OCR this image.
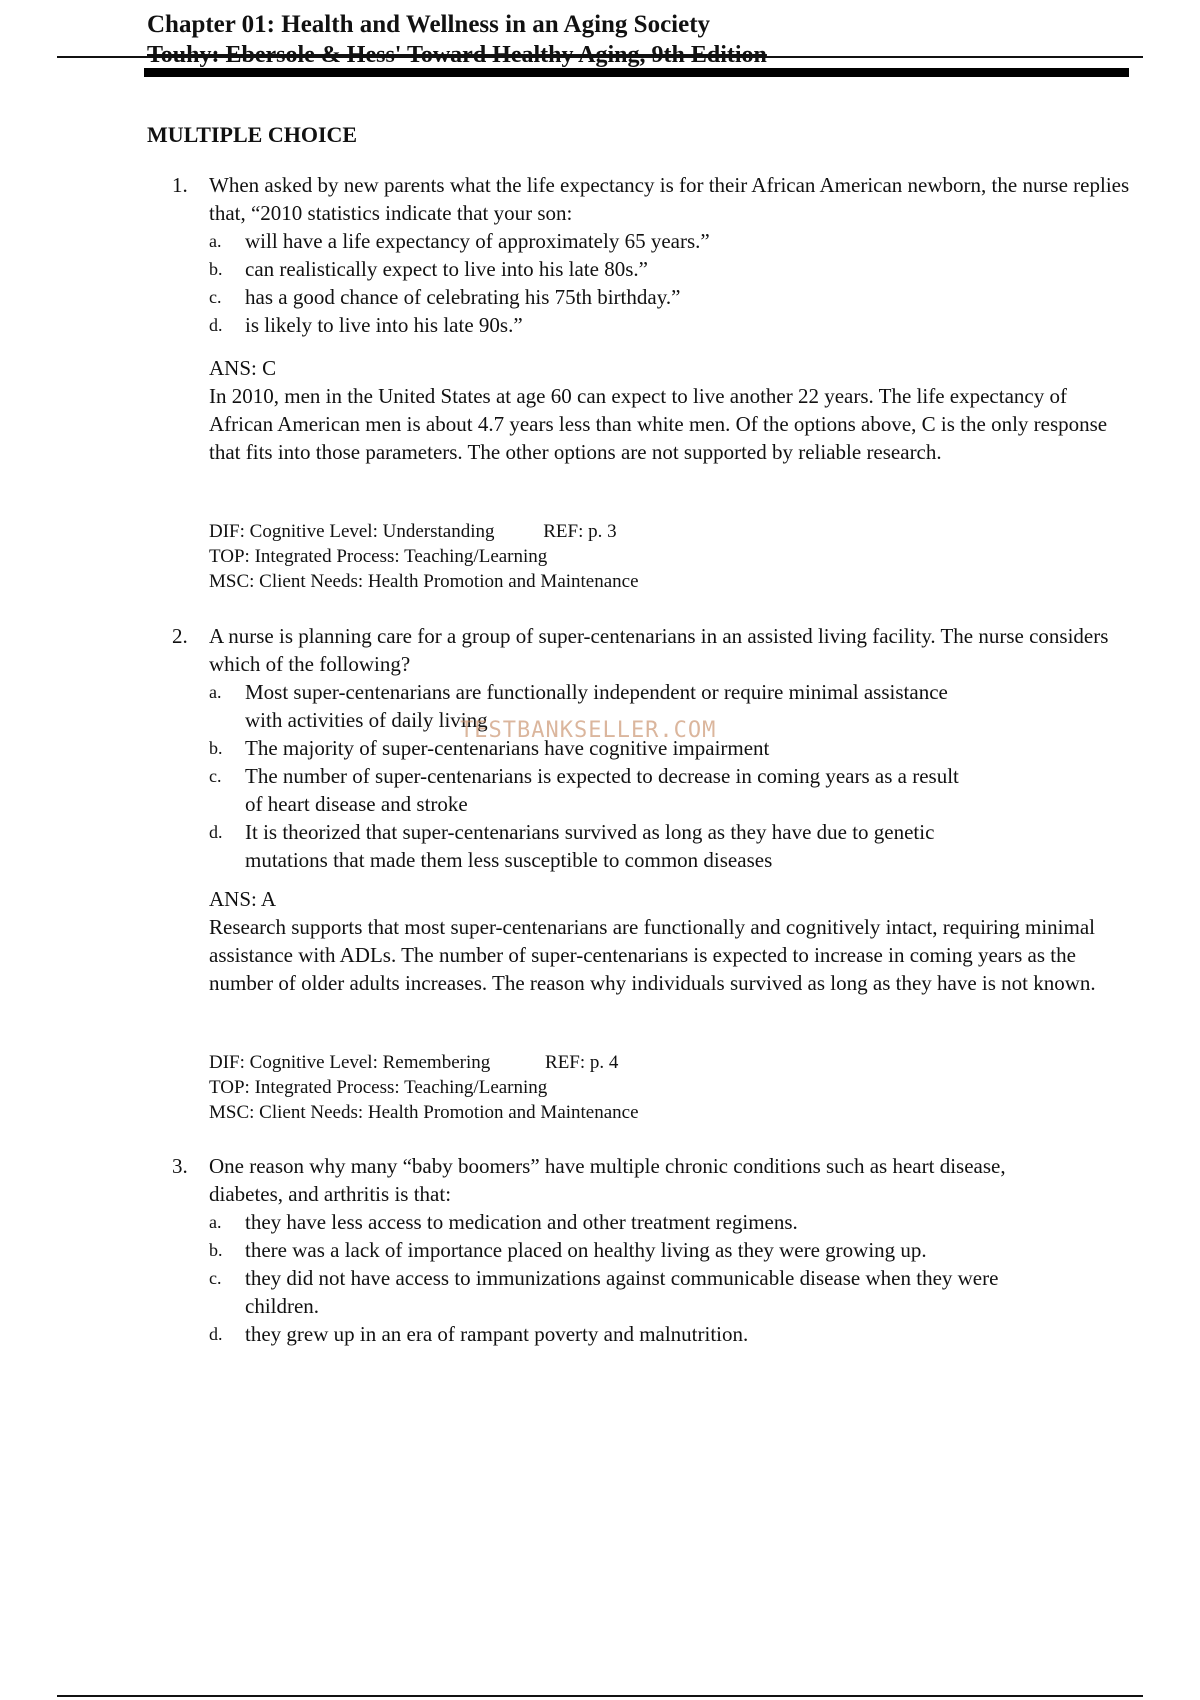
Chapter 01: Health and Wellness in an Aging Society
Touhy: Ebersole & Hess' Toward Healthy Aging, 9th Edition
MULTIPLE CHOICE
1. When asked by new parents what the life expectancy is for their African American newborn, the nurse replies that, “2010 statistics indicate that your son:

a. will have a life expectancy of approximately 65 years.”
b. can realistically expect to live into his late 80s.”
c. has a good chance of celebrating his 75th birthday.”
d. is likely to live into his late 90s.”
ANS: C

In 2010, men in the United States at age 60 can expect to live another 22 years. The life expectancy of African American men is about 4.7 years less than white men. Of the options above, C is the only response that fits into those parameters. The other options are not supported by reliable research.

DIF: Cognitive Level: Understanding	REF: p. 3
TOP: Integrated Process: Teaching/Learning
MSC: Client Needs: Health Promotion and Maintenance
2. A nurse is planning care for a group of super-centenarians in an assisted living facility. The nurse considers which of the following?

a. Most super-centenarians are functionally independent or require minimal assistance with activities of daily living
b. The majority of super-centenarians have cognitive impairment
c. The number of super-centenarians is expected to decrease in coming years as a result of heart disease and stroke
d. It is theorized that super-centenarians survived as long as they have due to genetic mutations that made them less susceptible to common diseases
ANS: A

Research supports that most super-centenarians are functionally and cognitively intact, requiring minimal assistance with ADLs. The number of super-centenarians is expected to increase in coming years as the number of older adults increases. The reason why individuals survived as long as they have is not known.

DIF: Cognitive Level: Remembering	REF: p. 4
TOP: Integrated Process: Teaching/Learning
MSC: Client Needs: Health Promotion and Maintenance
3. One reason why many “baby boomers” have multiple chronic conditions such as heart disease, diabetes, and arthritis is that:

a. they have less access to medication and other treatment regimens.
b. there was a lack of importance placed on healthy living as they were growing up.
c. they did not have access to immunizations against communicable disease when they were children.
d. they grew up in an era of rampant poverty and malnutrition.
TESTBANKSELLER.COM
